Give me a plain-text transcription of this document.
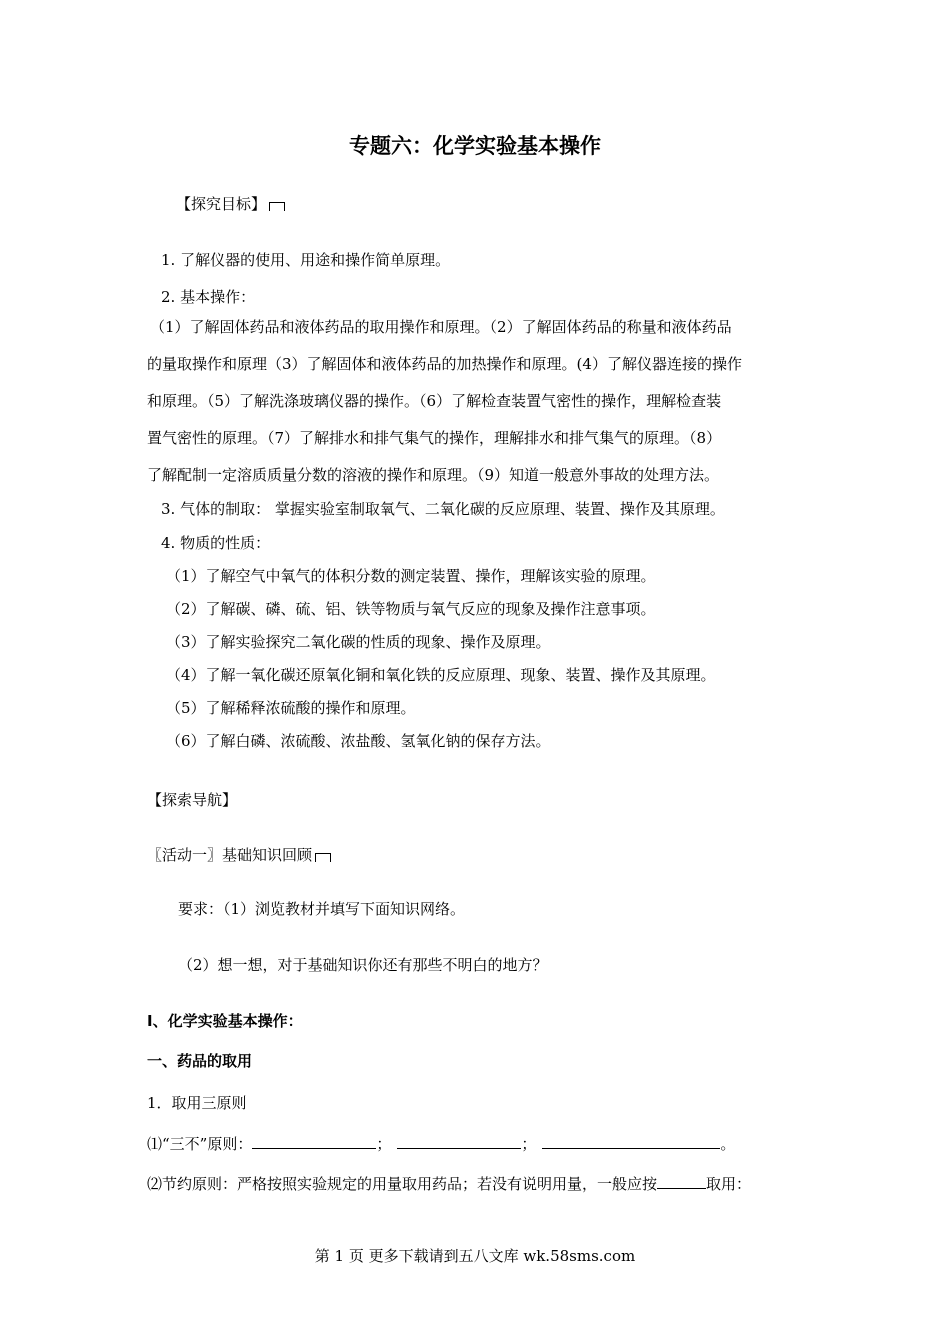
专题六：化学实验基本操作
【探究目标】
1. 了解仪器的使用、用途和操作简单原理。
2. 基本操作：
（1）了解固体药品和液体药品的取用操作和原理。（2）了解固体药品的称量和液体药品
的量取操作和原理（3）了解固体和液体药品的加热操作和原理。(4）了解仪器连接的操作
和原理。（5）了解洗涤玻璃仪器的操作。（6）了解检查装置气密性的操作，理解检查装
置气密性的原理。（7）了解排水和排气集气的操作，理解排水和排气集气的原理。（8）
了解配制一定溶质质量分数的溶液的操作和原理。（9）知道一般意外事故的处理方法。
3. 气体的制取： 掌握实验室制取氧气、二氧化碳的反应原理、装置、操作及其原理。
4. 物质的性质：
（1）了解空气中氧气的体积分数的测定装置、操作，理解该实验的原理。
（2）了解碳、磷、硫、铝、铁等物质与氧气反应的现象及操作注意事项。
（3）了解实验探究二氧化碳的性质的现象、操作及原理。
（4）了解一氧化碳还原氧化铜和氧化铁的反应原理、现象、装置、操作及其原理。
（5）了解稀释浓硫酸的操作和原理。
（6）了解白磷、浓硫酸、浓盐酸、氢氧化钠的保存方法。
【探索导航】
〖活动一〗基础知识回顾
要求：（1）浏览教材并填写下面知识网络。
（2）想一想，对于基础知识你还有那些不明白的地方？
Ⅰ、化学实验基本操作：
一、药品的取用
1．取用三原则
⑴“三不”原则：	；	；	。
⑵节约原则：严格按照实验规定的用量取用药品；若没有说明用量，一般应按	取用：
第 1 页 更多下载请到五八文库 wk.58sms.com
